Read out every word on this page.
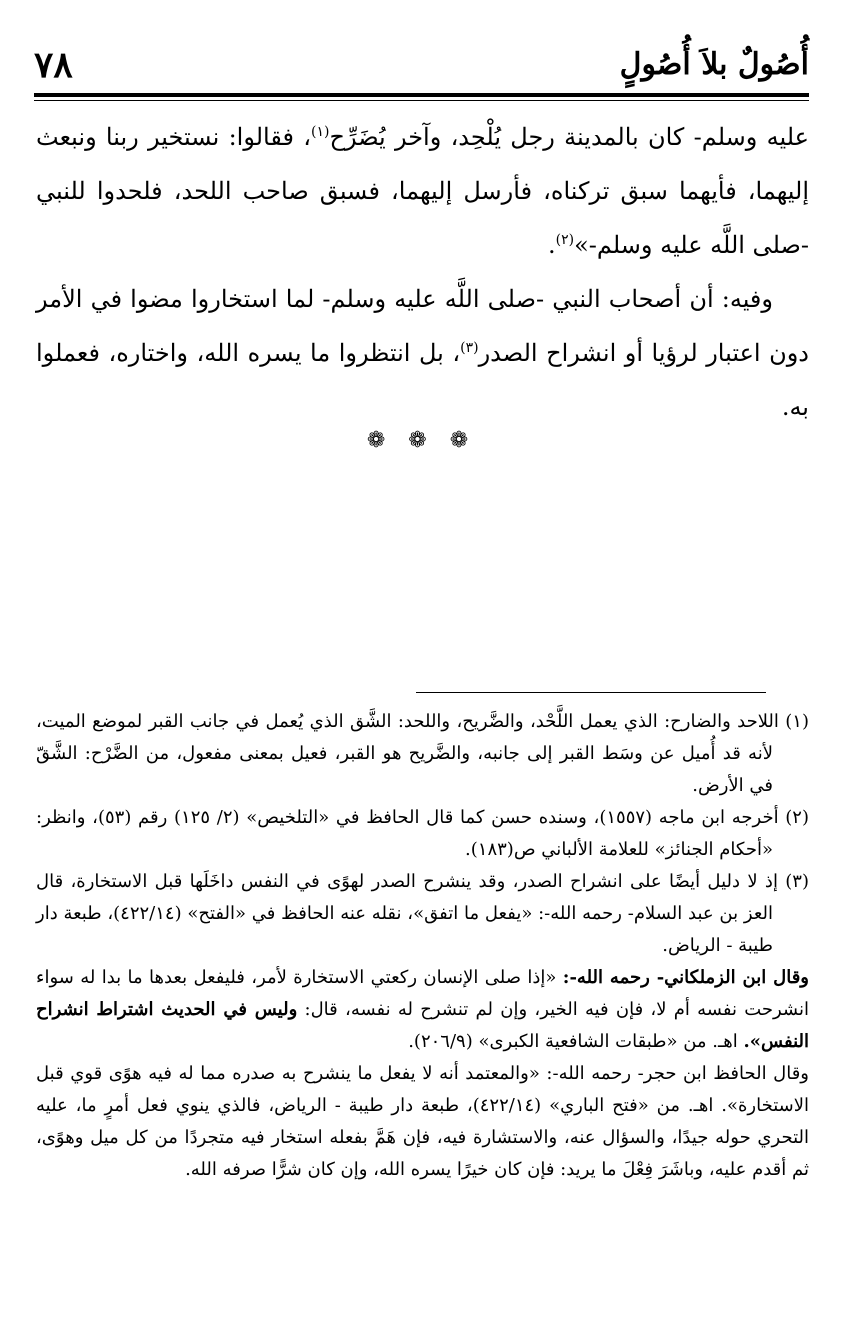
أُصُولٌ بلاَ أُصُولٍ
٧٨

عليه وسلم- كان بالمدينة رجل يُلْحِد، وآخر يُضَرِّح$^{(١)}$، فقالوا: نستخير ربنا ونبعث إليهما، فأيهما سبق تركناه، فأرسل إليهما، فسبق صاحب اللحد، فلحدوا للنبي -صلى اللَّه عليه وسلم-»$^{(٢)}$.

وفيه: أن أصحاب النبي -صلى اللَّه عليه وسلم- لما استخاروا مضوا في الأمر دون اعتبار لرؤيا أو انشراح الصدر$^{(٣)}$، بل انتظروا ما يسره الله، واختاره، فعملوا به.

❁ ❁ ❁

(١) اللاحد والضارح: الذي يعمل اللَّحْد، والضَّريح، واللحد: الشَّق الذي يُعمل في جانب القبر لموضع الميت، لأنه قد أُميل عن وسَط القبر إلى جانبه، والضَّريح هو القبر، فعيل بمعنى مفعول، من الضَّرْح: الشَّقّ في الأرض.

(٢) أخرجه ابن ماجه (١٥٥٧)، وسنده حسن كما قال الحافظ في «التلخيص» (٢/ ١٢٥) رقم (٥٣)، وانظر: «أحكام الجنائز» للعلامة الألباني ص(١٨٣).

(٣) إذ لا دليل أيضًا على انشراح الصدر، وقد ينشرح الصدر لهوًى في النفس داخَلَها قبل الاستخارة، قال العز بن عبد السلام- رحمه الله-: «يفعل ما اتفق»، نقله عنه الحافظ في «الفتح» (٤٢٢/١٤)، طبعة دار طيبة - الرياض.

وقال ابن الزملكاني- رحمه الله-: «إذا صلى الإنسان ركعتي الاستخارة لأمر، فليفعل بعدها ما بدا له سواء انشرحت نفسه أم لا، فإن فيه الخير، وإن لم تنشرح له نفسه، قال: وليس في الحديث اشتراط انشراح النفس». اهـ. من «طبقات الشافعية الكبرى» (٢٠٦/٩).

وقال الحافظ ابن حجر- رحمه الله-: «والمعتمد أنه لا يفعل ما ينشرح به صدره مما له فيه هوًى قوي قبل الاستخارة». اهـ. من «فتح الباري» (٤٢٢/١٤)، طبعة دار طيبة - الرياض، فالذي ينوي فعل أمرٍ ما، عليه التحري حوله جيدًا، والسؤال عنه، والاستشارة فيه، فإن هَمَّ بفعله استخار فيه متجردًا من كل ميل وهوًى، ثم أقدم عليه، وباشَرَ فِعْلَ ما يريد: فإن كان خيرًا يسره الله، وإن كان شرًّا صرفه الله.
